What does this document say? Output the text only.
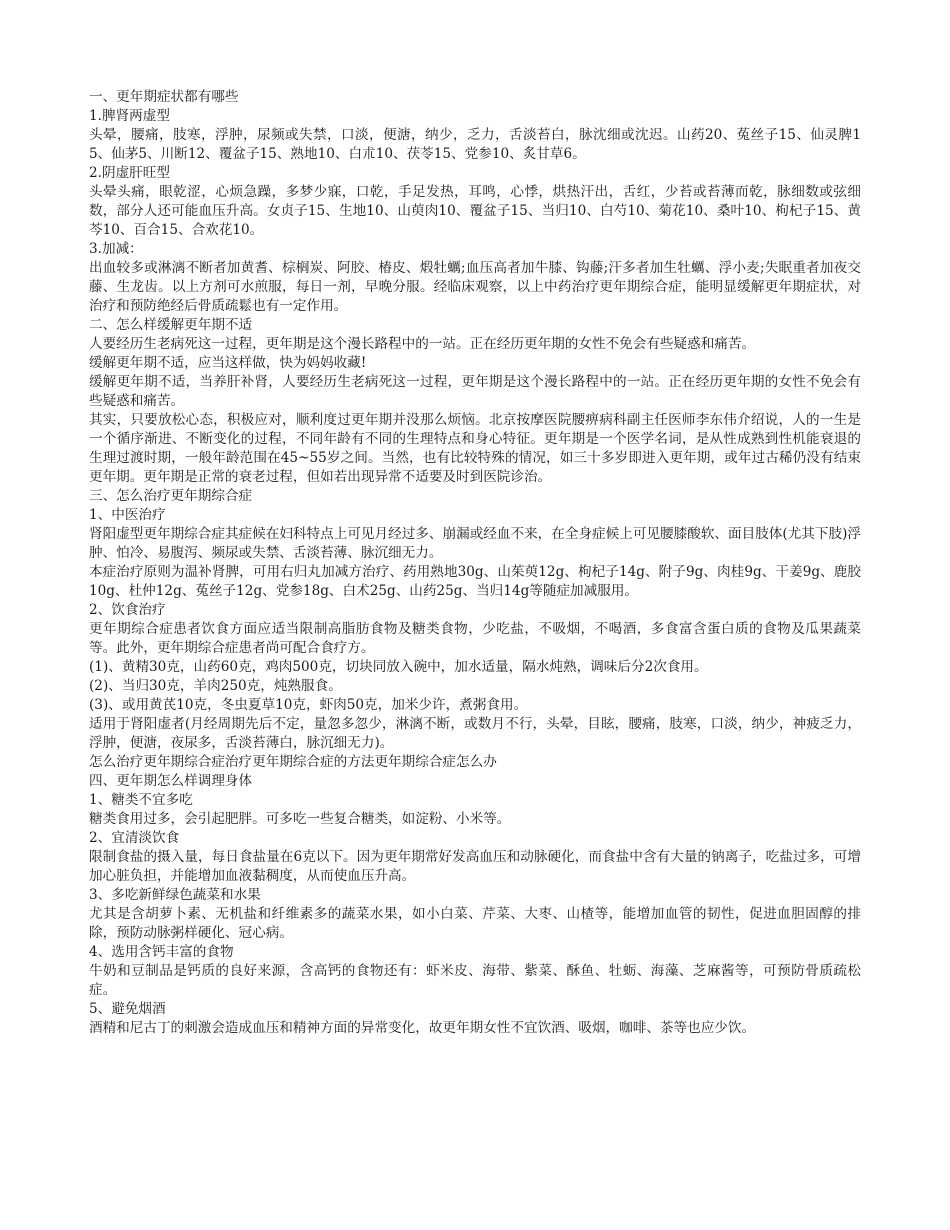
一、更年期症状都有哪些

1.脾肾两虚型

头晕，腰痛，肢寒，浮肿，尿频或失禁，口淡，便溏，纳少，乏力，舌淡苔白，脉沈细或沈迟。山药20、菟丝子15、仙灵脾15、仙茅5、川断12、覆盆子15、熟地10、白朮10、茯苓15、党参10、炙甘草6。

2.阴虚肝旺型

头晕头痛，眼乾涩，心烦急躁，多梦少寐，口乾，手足发热，耳鸣，心悸，烘热汗出，舌红，少苔或苔薄而乾，脉细数或弦细数，部分人还可能血压升高。女贞子15、生地10、山萸肉10、覆盆子15、当归10、白芍10、菊花10、桑叶10、枸杞子15、黄芩10、百合15、合欢花10。

3.加减：

出血较多或淋漓不断者加黄耆、棕榈炭、阿胶、椿皮、煅牡蠣;血压高者加牛膝、钩藤;汗多者加生牡蠣、浮小麦;失眠重者加夜交藤、生龙齿。以上方剂可水煎服，每日一剂，早晚分服。经临床观察，以上中药治疗更年期综合症，能明显缓解更年期症状，对治疗和预防绝经后骨质疏鬆也有一定作用。

二、怎么样缓解更年期不适

人要经历生老病死这一过程，更年期是这个漫长路程中的一站。正在经历更年期的女性不免会有些疑惑和痛苦。

缓解更年期不适，应当这样做，快为妈妈收藏!

缓解更年期不适，当养肝补肾，人要经历生老病死这一过程，更年期是这个漫长路程中的一站。正在经历更年期的女性不免会有些疑惑和痛苦。

其实，只要放松心态，积极应对，顺利度过更年期并没那么烦恼。北京按摩医院腰痹病科副主任医师李东伟介绍说，人的一生是一个循序渐进、不断变化的过程，不同年龄有不同的生理特点和身心特征。更年期是一个医学名词，是从性成熟到性机能衰退的生理过渡时期，一般年龄范围在45~55岁之间。当然，也有比较特殊的情况，如三十多岁即进入更年期，或年过古稀仍没有结束更年期。更年期是正常的衰老过程，但如若出现异常不适要及时到医院诊治。

三、怎么治疗更年期综合症

1、中医治疗

肾阳虚型更年期综合症其症候在妇科特点上可见月经过多、崩漏或经血不来，在全身症候上可见腰膝酸软、面目肢体(尤其下肢)浮肿、怕冷、易腹泻、频尿或失禁、舌淡苔薄、脉沉细无力。

本症治疗原则为温补肾脾，可用右归丸加减方治疗、药用熟地30g、山茱萸12g、枸杞子14g、附子9g、肉桂9g、干姜9g、鹿胶10g、杜仲12g、菟丝子12g、党参18g、白术25g、山药25g、当归14g等随症加减服用。

2、饮食治疗

更年期综合症患者饮食方面应适当限制高脂肪食物及糖类食物，少吃盐，不吸烟，不喝酒，多食富含蛋白质的食物及瓜果蔬菜等。此外，更年期综合症患者尚可配合食疗方。

(1)、黄精30克，山药60克，鸡肉500克，切块同放入碗中，加水适量，隔水炖熟，调味后分2次食用。

(2)、当归30克，羊肉250克，炖熟服食。

(3)、或用黄芪10克，冬虫夏草10克，虾肉50克，加米少许，煮粥食用。

适用于肾阳虚者(月经周期先后不定，量忽多忽少，淋漓不断，或数月不行，头晕，目眩，腰痛，肢寒，口淡，纳少，神疲乏力，浮肿，便溏，夜尿多，舌淡苔薄白，脉沉细无力)。

怎么治疗更年期综合症治疗更年期综合症的方法更年期综合症怎么办

四、更年期怎么样调理身体

1、糖类不宜多吃

糖类食用过多，会引起肥胖。可多吃一些复合糖类，如淀粉、小米等。

2、宜清淡饮食

限制食盐的摄入量，每日食盐量在6克以下。因为更年期常好发高血压和动脉硬化，而食盐中含有大量的钠离子，吃盐过多，可增加心脏负担，并能增加血液黏稠度，从而使血压升高。

3、多吃新鲜绿色蔬菜和水果

尤其是含胡萝卜素、无机盐和纤维素多的蔬菜水果，如小白菜、芹菜、大枣、山楂等，能增加血管的韧性，促进血胆固醇的排除，预防动脉粥样硬化、冠心病。

4、选用含钙丰富的食物

牛奶和豆制品是钙质的良好来源，含高钙的食物还有：虾米皮、海带、紫菜、酥鱼、牡蛎、海藻、芝麻酱等，可预防骨质疏松症。

5、避免烟酒

酒精和尼古丁的刺激会造成血压和精神方面的异常变化，故更年期女性不宜饮酒、吸烟，咖啡、茶等也应少饮。
